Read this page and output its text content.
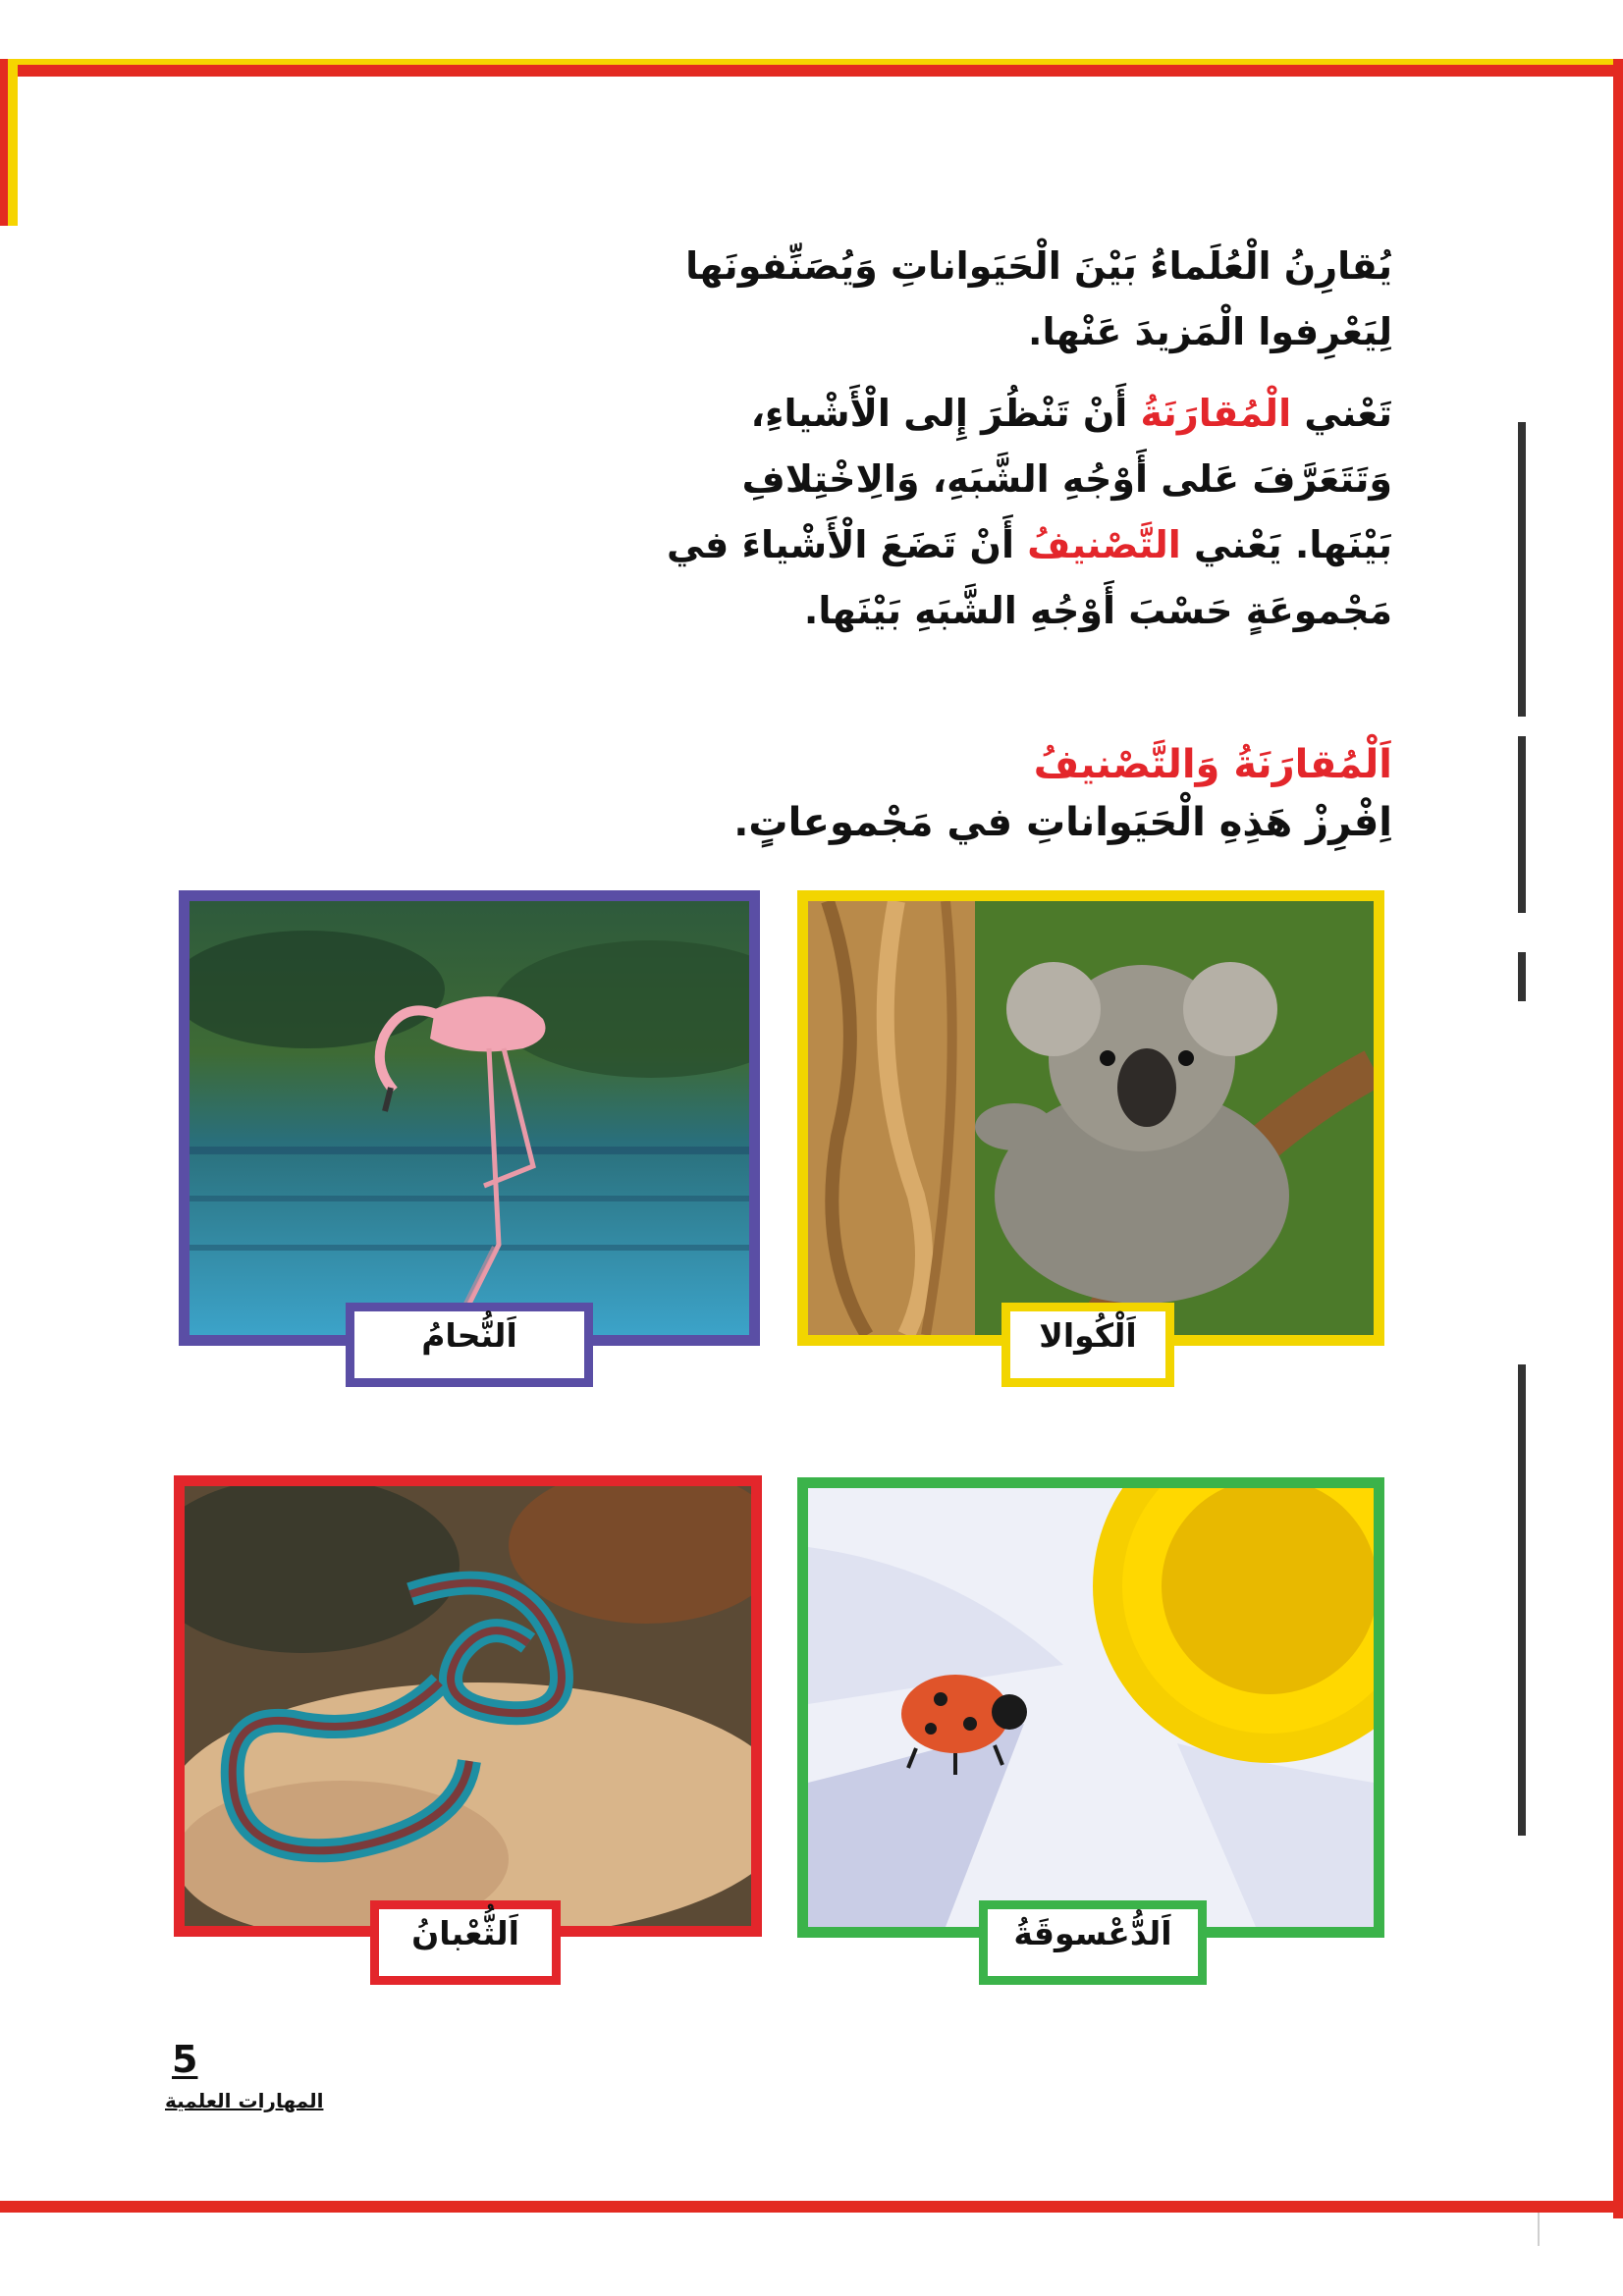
يُقارِنُ الْعُلَماءُ بَيْنَ الْحَيَواناتِ وَيُصَنِّفونَها
لِيَعْرِفوا الْمَزيدَ عَنْها.
تَعْني الْمُقارَنَةُ أَنْ تَنْظُرَ إِلى الْأَشْياءِ،
وَتَتَعَرَّفَ عَلى أَوْجُهِ الشَّبَهِ، وَالِاخْتِلافِ
بَيْنَها. يَعْني التَّصْنيفُ أَنْ تَضَعَ الْأَشْياءَ في
مَجْموعَةٍ حَسْبَ أَوْجُهِ الشَّبَهِ بَيْنَها.
اَلْمُقارَنَةُ وَالتَّصْنيفُ
اِفْرِزْ هَذِهِ الْحَيَواناتِ في مَجْموعاتٍ.
اَلنُّحامُ	اَلْكُوالا
اَلثُّعْبانُ	اَلدُّعْسوقَةُ
5
المهارات العلمية
